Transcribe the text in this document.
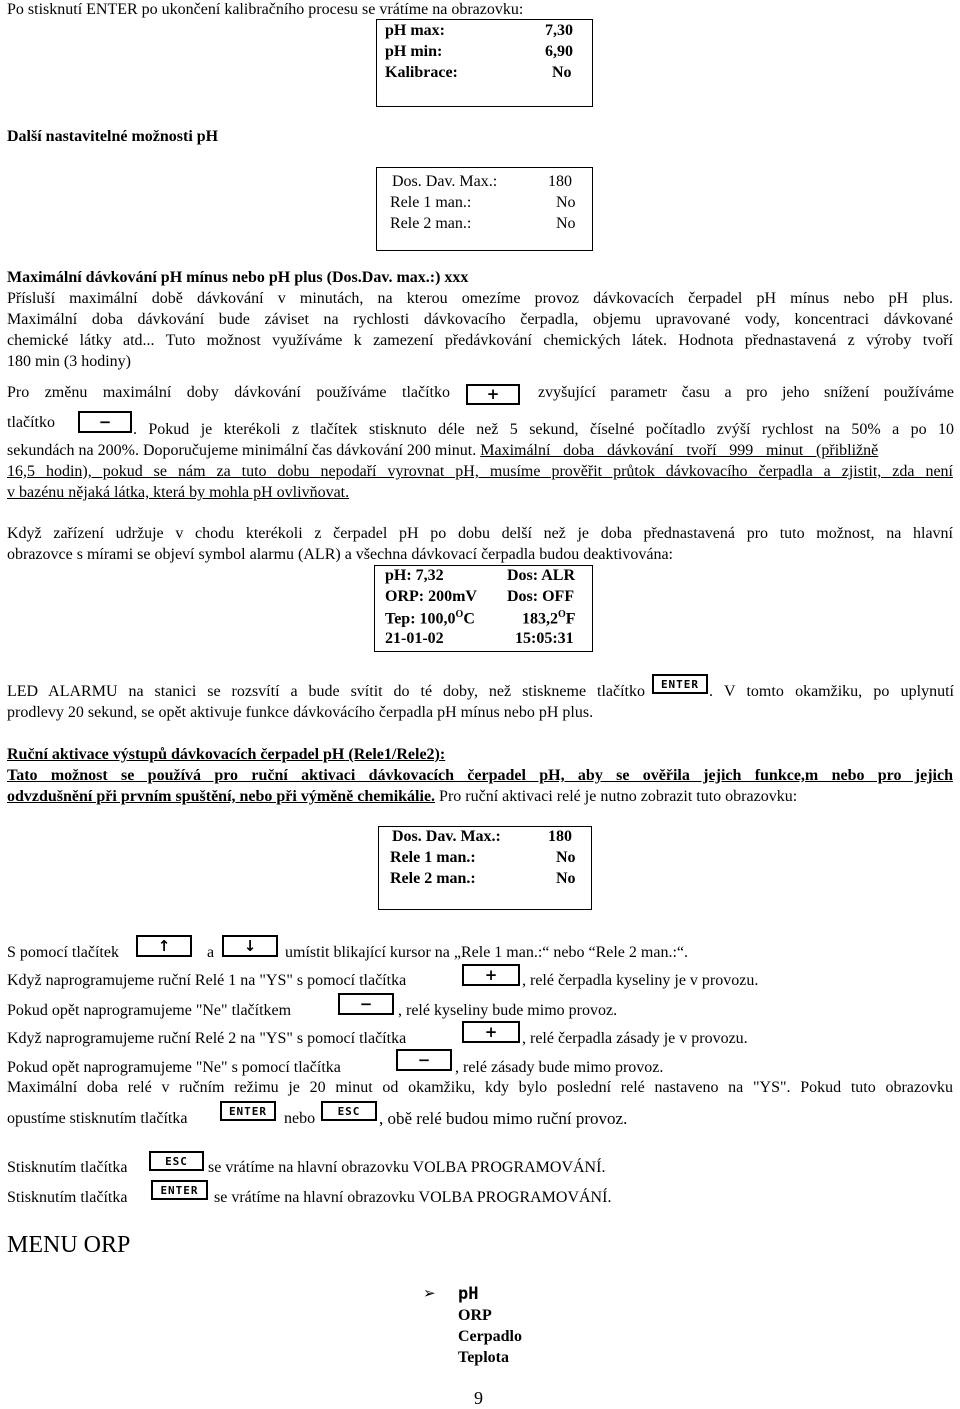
Po stisknutí ENTER po ukončení kalibračního procesu se vrátíme na obrazovku:
pH max:	7,30
pH min:	6,90
Kalibrace:	No
Další nastavitelné možnosti pH
Dos. Dav. Max.:	180
Rele 1 man.:	No
Rele 2 man.:	No
Maximální dávkování pH mínus nebo pH plus (Dos.Dav. max.:) xxx
Přísluší maximální době dávkování v minutách, na kterou omezíme provoz dávkovacích čerpadel pH mínus nebo pH plus.
Maximální doba dávkování bude záviset na rychlosti dávkovacího čerpadla, objemu upravované vody, koncentraci dávkované
chemické látky atd... Tuto možnost využíváme k zamezení předávkování chemických látek. Hodnota přednastavená z výroby tvoří
180 min (3 hodiny)
Pro změnu maximální doby dávkování používáme tlačítko + zvyšující parametr času a pro jeho snížení používáme
tlačítko	− . Pokud je kterékoli z tlačítek stisknuto déle než 5 sekund, číselné počítadlo zvýší rychlost na 50% a po 10
sekundách na 200%. Doporučujeme minimální čas dávkování 200 minut. Maximální doba dávkování tvoří 999 minut (přibližně
16,5 hodin), pokud se nám za tuto dobu nepodaří vyrovnat pH, musíme prověřit průtok dávkovacího čerpadla a zjistit, zda není
v bazénu nějaká látka, která by mohla pH ovlivňovat.
Když zařízení udržuje v chodu kterékoli z čerpadel pH po dobu delší než je doba přednastavená pro tuto možnost, na hlavní
obrazovce s mírami se objeví symbol alarmu (ALR) a všechna dávkovací čerpadla budou deaktivována:
pH: 7,32	Dos: ALR
ORP: 200mV Dos: OFF
Tep: $100,0^OC$	$183,2^OF$
21-01-02	15:05:31
LED ALARMU na stanici se rozsvítí a bude svítit do té doby, než stiskneme tlačítko ENTER . V tomto okamžiku, po uplynutí
prodlevy 20 sekund, se opět aktivuje funkce dávkovácího čerpadla pH mínus nebo pH plus.
Ruční aktivace výstupů dávkovacích čerpadel pH (Rele1/Rele2):
Tato možnost se používá pro ruční aktivaci dávkovacích čerpadel pH, aby se ověřila jejich funkce,m nebo pro jejich
odvzdušnění při prvním spuštění, nebo při výměně chemikálie. Pro ruční aktivaci relé je nutno zobrazit tuto obrazovku:
Dos. Dav. Max.:	180
Rele 1 man.:	No
Rele 2 man.:	No
S pomocí tlačítek	↑ a ↓ umístit blikající kursor na „Rele 1 man.:“ nebo “Rele 2 man.:“.
Když naprogramujeme ruční Relé 1 na "YS" s pomocí tlačítka	+ , relé čerpadla kyseliny je v provozu.
Pokud opět naprogramujeme "Ne" tlačítkem	− , relé kyseliny bude mimo provoz.
Když naprogramujeme ruční Relé 2 na "YS" s pomocí tlačítka	+ , relé čerpadla zásady je v provozu.
Pokud opět naprogramujeme "Ne" s pomocí tlačítka	− , relé zásady bude mimo provoz.
Maximální doba relé v ručním režimu je 20 minut od okamžiku, kdy bylo poslední relé nastaveno na "YS". Pokud tuto obrazovku
opustíme stisknutím tlačítka	ENTER nebo ESC , obě relé budou mimo ruční provoz.
Stisknutím tlačítka	ESC se vrátíme na hlavní obrazovku VOLBA PROGRAMOVÁNÍ.
Stisknutím tlačítka	ENTER se vrátíme na hlavní obrazovku VOLBA PROGRAMOVÁNÍ.
MENU ORP
➢ pH
ORP
Cerpadlo
Teplota
9
